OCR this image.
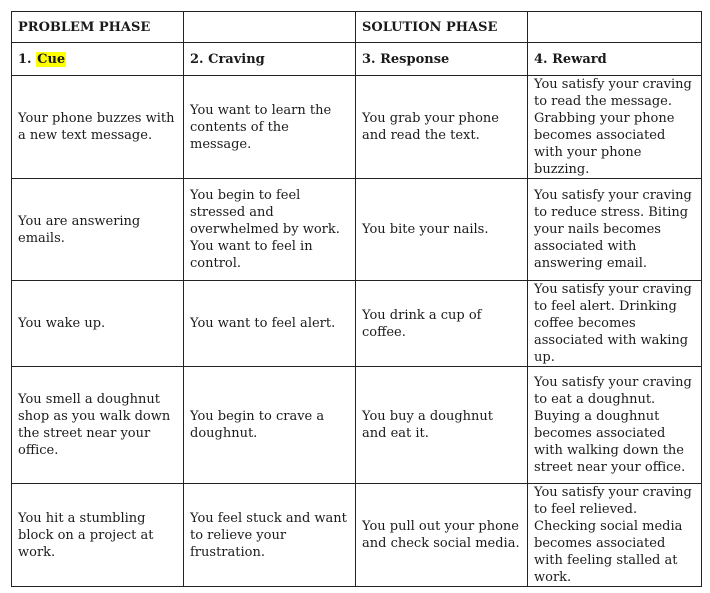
PROBLEM PHASE		SOLUTION PHASE	
1. Cue	2. Craving	3. Response	4. Reward
Your phone buzzes with a new text message.	You want to learn the contents of the message.	You grab your phone and read the text.	You satisfy your craving to read the message. Grabbing your phone becomes associated with your phone buzzing.
You are answering emails.	You begin to feel stressed and overwhelmed by work. You want to feel in control.	You bite your nails.	You satisfy your craving to reduce stress. Biting your nails becomes associated with answering email.
You wake up.	You want to feel alert.	You drink a cup of coffee.	You satisfy your craving to feel alert. Drinking coffee becomes associated with waking up.
You smell a doughnut shop as you walk down the street near your office.	You begin to crave a doughnut.	You buy a doughnut and eat it.	You satisfy your craving to eat a doughnut. Buying a doughnut becomes associated with walking down the street near your office.
You hit a stumbling block on a project at work.	You feel stuck and want to relieve your frustration.	You pull out your phone and check social media.	You satisfy your craving to feel relieved. Checking social media becomes associated with feeling stalled at work.
